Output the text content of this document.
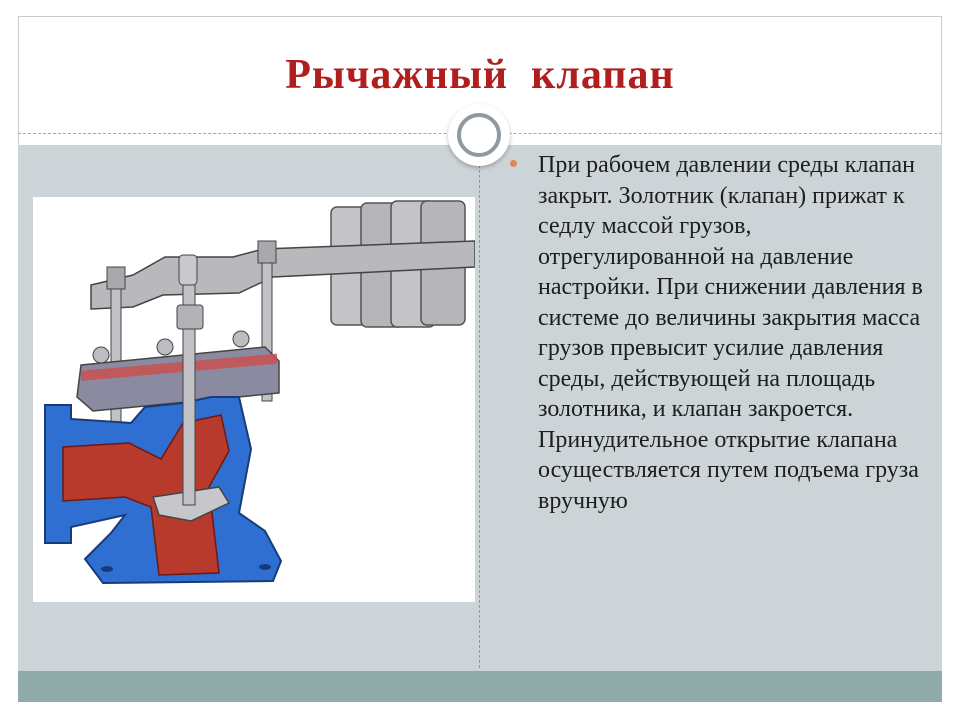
Рычажный  клапан

При рабочем давлении среды клапан закрыт. Золотник (клапан) прижат к седлу массой грузов, отрегулированной на давление настройки. При снижении давления в системе до величины закрытия масса грузов превысит усилие давления среды, действующей на площадь золотника, и клапан закроется. Принудительное открытие клапана осуществляется путем подъема груза вручную
